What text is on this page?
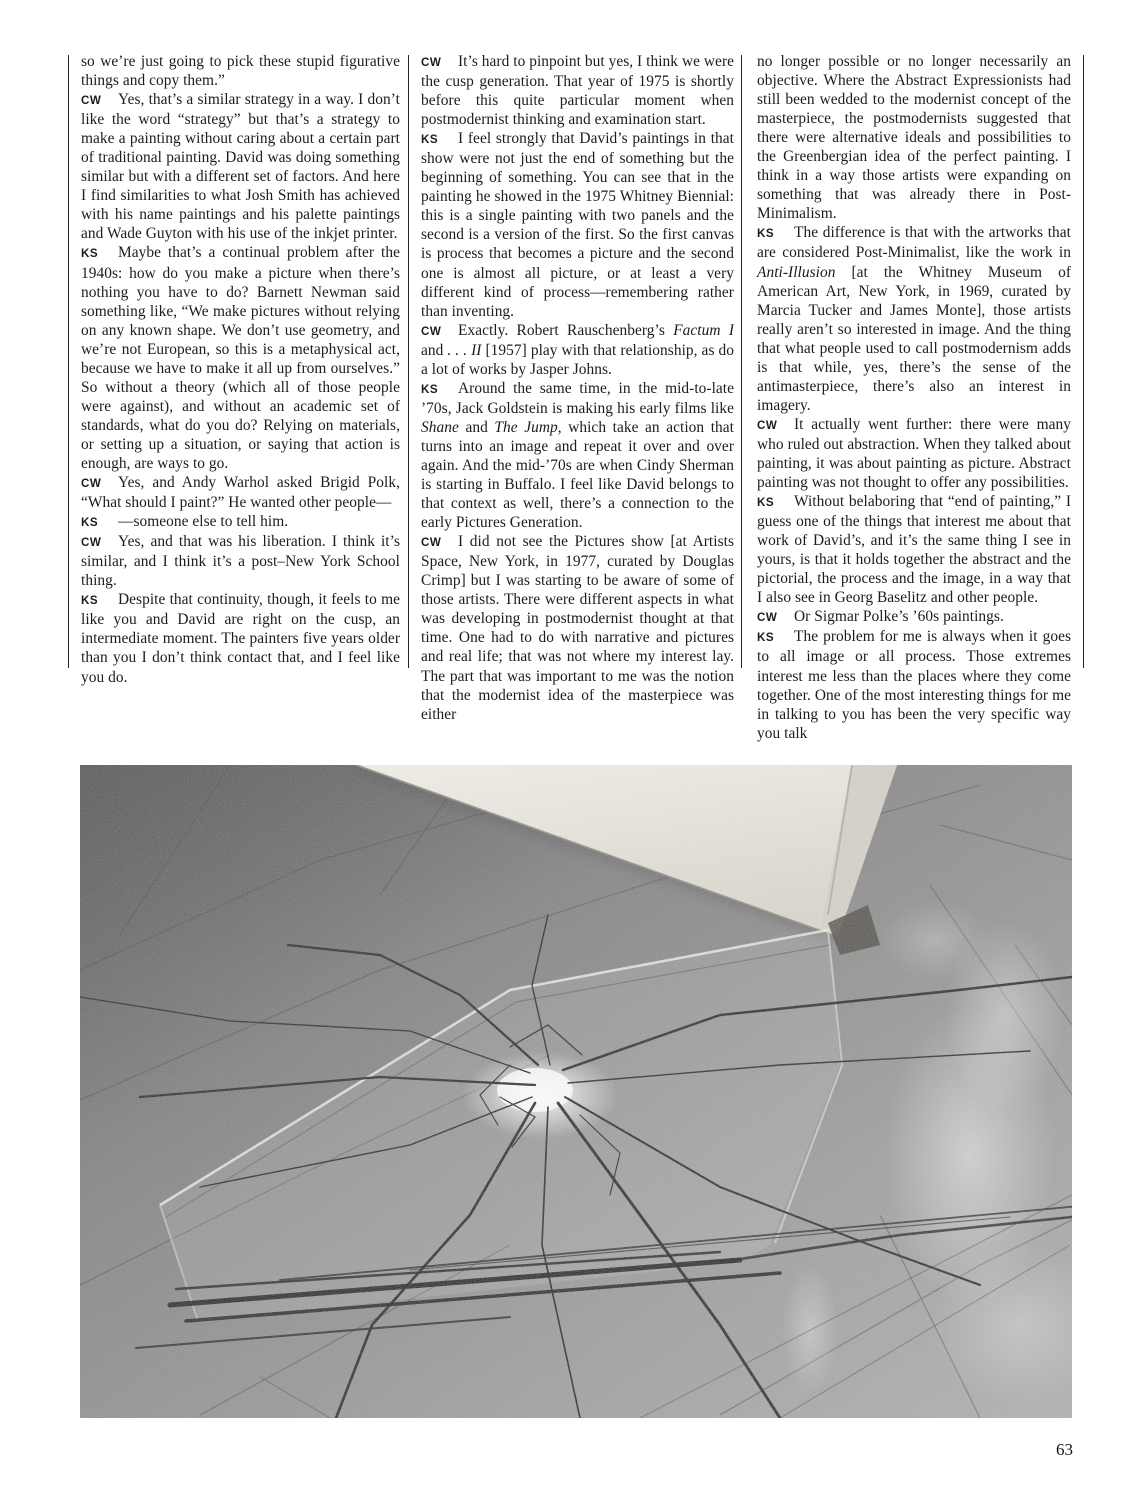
so we’re just going to pick these stupid figurative things and copy them.”

CW Yes, that’s a similar strategy in a way. I don’t like the word “strategy” but that’s a strategy to make a painting without caring about a certain part of traditional painting. David was doing something similar but with a different set of factors. And here I find similarities to what Josh Smith has achieved with his name paintings and his palette paintings and Wade Guyton with his use of the inkjet printer.

KS Maybe that’s a continual problem after the 1940s: how do you make a picture when there’s nothing you have to do? Barnett Newman said something like, “We make pictures without relying on any known shape. We don’t use geometry, and we’re not European, so this is a metaphysical act, because we have to make it all up from ourselves.” So without a theory (which all of those people were against), and without an academic set of standards, what do you do? Relying on materials, or setting up a situation, or saying that action is enough, are ways to go.

CW Yes, and Andy Warhol asked Brigid Polk, “What should I paint?” He wanted other people—

KS —someone else to tell him.

CW Yes, and that was his liberation. I think it’s similar, and I think it’s a post–New York School thing.

KS Despite that continuity, though, it feels to me like you and David are right on the cusp, an intermediate moment. The painters five years older than you I don’t think contact that, and I feel like you do.

CW It’s hard to pinpoint but yes, I think we were the cusp generation. That year of 1975 is shortly before this quite particular moment when postmodernist thinking and examination start.

KS I feel strongly that David’s paintings in that show were not just the end of something but the beginning of something. You can see that in the painting he showed in the 1975 Whitney Biennial: this is a single painting with two panels and the second is a version of the first. So the first canvas is process that becomes a picture and the second one is almost all picture, or at least a very different kind of process—remembering rather than inventing.

CW Exactly. Robert Rauschenberg’s Factum I and . . . II [1957] play with that relationship, as do a lot of works by Jasper Johns.

KS Around the same time, in the mid-to-late ’70s, Jack Goldstein is making his early films like Shane and The Jump, which take an action that turns into an image and repeat it over and over again. And the mid-’70s are when Cindy Sherman is starting in Buffalo. I feel like David belongs to that context as well, there’s a connection to the early Pictures Generation.

CW I did not see the Pictures show [at Artists Space, New York, in 1977, curated by Douglas Crimp] but I was starting to be aware of some of those artists. There were different aspects in what was developing in postmodernist thought at that time. One had to do with narrative and pictures and real life; that was not where my interest lay. The part that was important to me was the notion that the modernist idea of the masterpiece was either

no longer possible or no longer necessarily an objective. Where the Abstract Expressionists had still been wedded to the modernist concept of the masterpiece, the postmodernists suggested that there were alternative ideals and possibilities to the Greenbergian idea of the perfect painting. I think in a way those artists were expanding on something that was already there in Post-Minimalism.

KS The difference is that with the artworks that are considered Post-Minimalist, like the work in Anti-Illusion [at the Whitney Museum of American Art, New York, in 1969, curated by Marcia Tucker and James Monte], those artists really aren’t so interested in image. And the thing that what people used to call postmodernism adds is that while, yes, there’s the sense of the antimasterpiece, there’s also an interest in imagery.

CW It actually went further: there were many who ruled out abstraction. When they talked about painting, it was about painting as picture. Abstract painting was not thought to offer any possibilities.

KS Without belaboring that “end of painting,” I guess one of the things that interest me about that work of David’s, and it’s the same thing I see in yours, is that it holds together the abstract and the pictorial, the process and the image, in a way that I also see in Georg Baselitz and other people.

CW Or Sigmar Polke’s ’60s paintings.

KS The problem for me is always when it goes to all image or all process. Those extremes interest me less than the places where they come together. One of the most interesting things for me in talking to you has been the very specific way you talk

63
